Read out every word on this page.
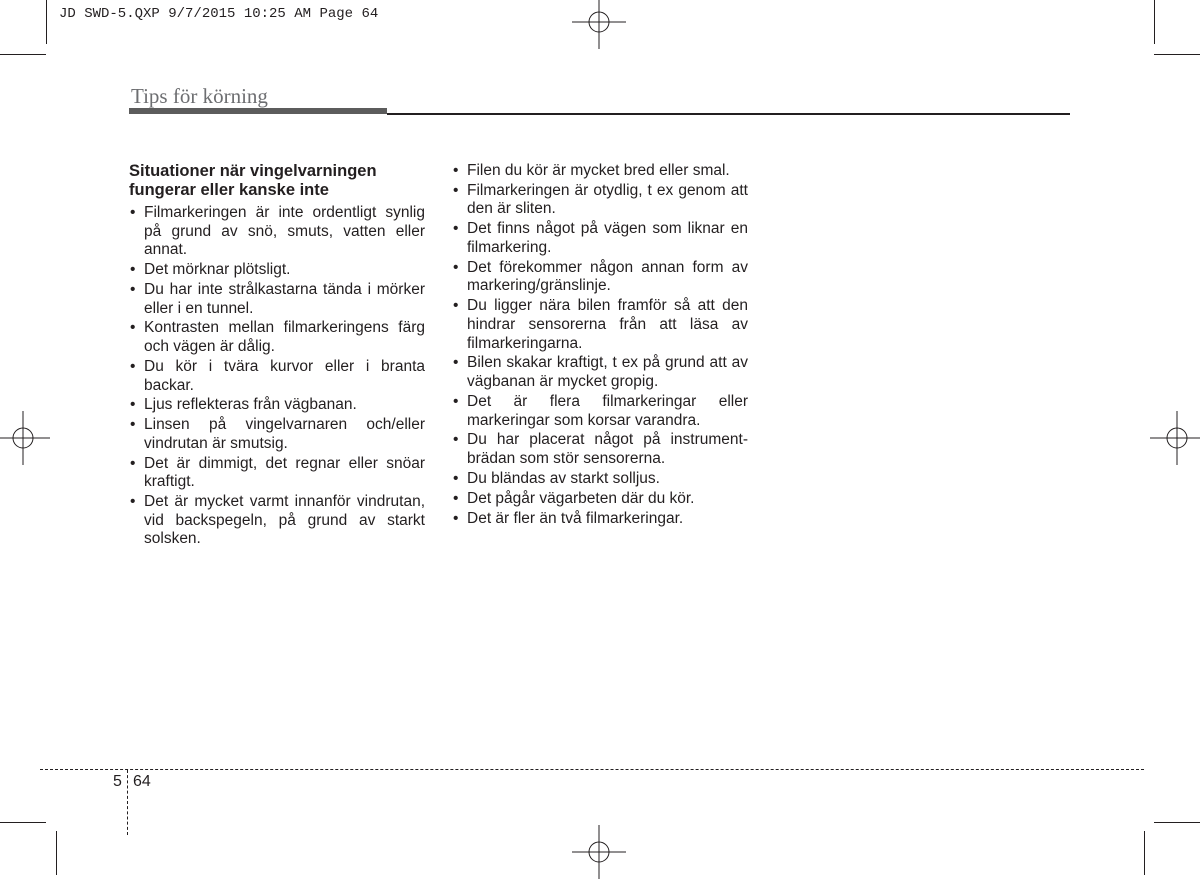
JD SWD-5.QXP 9/7/2015 10:25 AM Page 64
Tips för körning
Situationer när vingelvarningen fungerar eller kanske inte
• Filmarkeringen är inte ordentligt synlig på grund av snö, smuts, vatten eller annat.
• Det mörknar plötsligt.
• Du har inte strålkastarna tända i mörker eller i en tunnel.
• Kontrasten mellan filmarkeringens färg och vägen är dålig.
• Du kör i tvära kurvor eller i branta backar.
• Ljus reflekteras från vägbanan.
• Linsen på vingelvarnaren och/eller vindrutan är smutsig.
• Det är dimmigt, det regnar eller snöar kraftigt.
• Det är mycket varmt innanför vindrutan, vid backspegeln, på grund av starkt solsken.
• Filen du kör är mycket bred eller smal.
• Filmarkeringen är otydlig, t ex genom att den är sliten.
• Det finns något på vägen som liknar en filmarkering.
• Det förekommer någon annan form av markering/gränslinje.
• Du ligger nära bilen framför så att den hindrar sensorerna från att läsa av filmarkeringarna.
• Bilen skakar kraftigt, t ex på grund att av vägbanan är mycket gropig.
• Det är flera filmarkeringar eller markeringar som korsar varandra.
• Du har placerat något på instrument-brädan som stör sensorerna.
• Du bländas av starkt solljus.
• Det pågår vägarbeten där du kör.
• Det är fler än två filmarkeringar.
5 64
